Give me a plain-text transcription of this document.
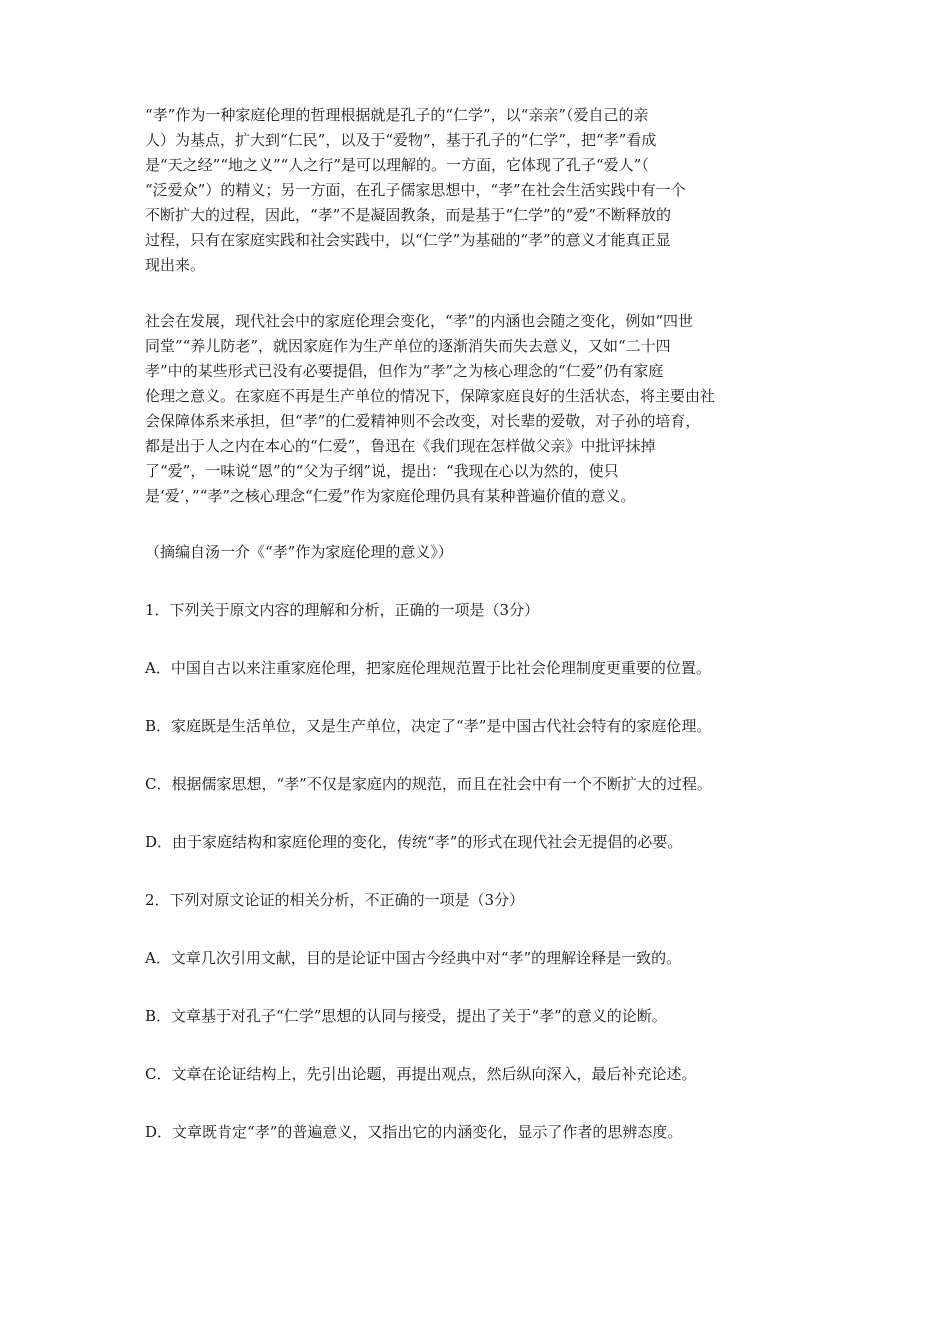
“孝”作为一种家庭伦理的哲理根据就是孔子的“仁学”，以“亲亲”（爱自己的亲
人）为基点，扩大到“仁民”，以及于“爱物”，基于孔子的“仁学”，把“孝”看成
是“天之经”“地之义”“人之行”是可以理解的。一方面，它体现了孔子“爱人”（
“泛爱众”）的精义；另一方面，在孔子儒家思想中，“孝”在社会生活实践中有一个
不断扩大的过程，因此，“孝”不是凝固教条，而是基于“仁学”的“爱”不断释放的
过程，只有在家庭实践和社会实践中，以“仁学”为基础的“孝”的意义才能真正显
现出来。
社会在发展，现代社会中的家庭伦理会变化，“孝”的内涵也会随之变化，例如“四世
同堂”“养儿防老”，就因家庭作为生产单位的逐渐消失而失去意义，又如“二十四
孝”中的某些形式已没有必要提倡，但作为“孝”之为核心理念的“仁爱”仍有家庭
伦理之意义。在家庭不再是生产单位的情况下，保障家庭良好的生活状态，将主要由社
会保障体系来承担，但“孝”的仁爱精神则不会改变，对长辈的爱敬，对子孙的培育，
都是出于人之内在本心的“仁爱”，鲁迅在《我们现在怎样做父亲》中批评抹掉
了“爱”，一味说“恩”的“父为子纲”说，提出：“我现在心以为然的，使只
是‘爱’，”“孝”之核心理念“仁爱”作为家庭伦理仍具有某种普遍价值的意义。

（摘编自汤一介《“孝”作为家庭伦理的意义》）

1．下列关于原文内容的理解和分析，正确的一项是（3分）

A．中国自古以来注重家庭伦理，把家庭伦理规范置于比社会伦理制度更重要的位置。

B．家庭既是生活单位，又是生产单位，决定了“孝”是中国古代社会特有的家庭伦理。

C．根据儒家思想，“孝”不仅是家庭内的规范，而且在社会中有一个不断扩大的过程。

D．由于家庭结构和家庭伦理的变化，传统“孝”的形式在现代社会无提倡的必要。

2．下列对原文论证的相关分析，不正确的一项是（3分）

A．文章几次引用文献，目的是论证中国古今经典中对“孝”的理解诠释是一致的。

B．文章基于对孔子“仁学”思想的认同与接受，提出了关于“孝”的意义的论断。

C．文章在论证结构上，先引出论题，再提出观点，然后纵向深入，最后补充论述。

D．文章既肯定“孝”的普遍意义，又指出它的内涵变化，显示了作者的思辨态度。
